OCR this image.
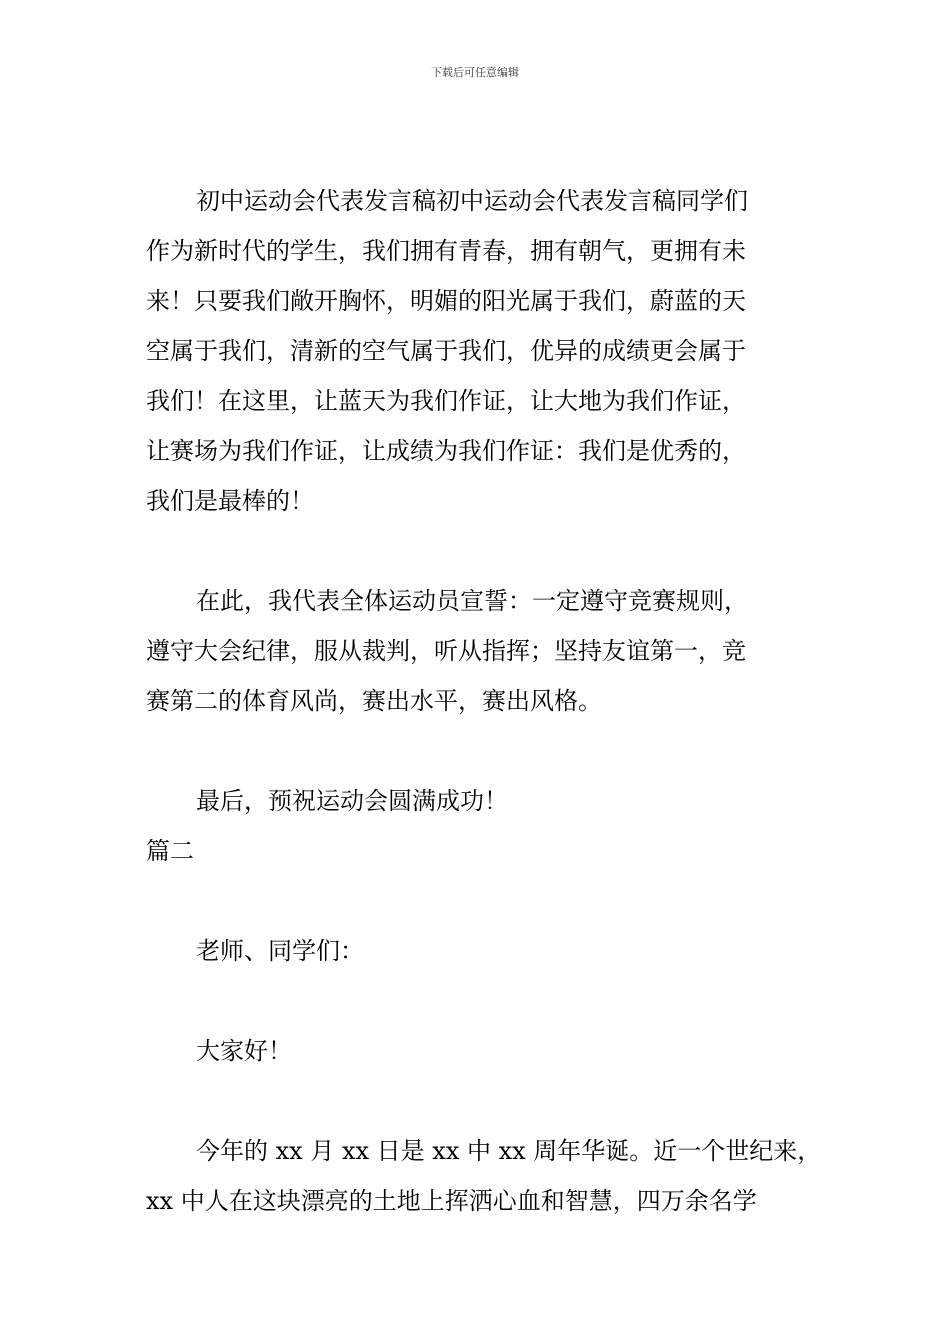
下载后可任意编辑
初中运动会代表发言稿初中运动会代表发言稿同学们
作为新时代的学生，我们拥有青春，拥有朝气，更拥有未
来！只要我们敞开胸怀，明媚的阳光属于我们，蔚蓝的天
空属于我们，清新的空气属于我们，优异的成绩更会属于
我们！在这里，让蓝天为我们作证，让大地为我们作证，
让赛场为我们作证，让成绩为我们作证：我们是优秀的，
我们是最棒的！
在此，我代表全体运动员宣誓：一定遵守竞赛规则，
遵守大会纪律，服从裁判，听从指挥；坚持友谊第一，竞
赛第二的体育风尚，赛出水平，赛出风格。
最后，预祝运动会圆满成功！
篇二
老师、同学们：
大家好！
今年的 xx 月 xx 日是 xx 中 xx 周年华诞。近一个世纪来，
xx 中人在这块漂亮的土地上挥洒心血和智慧，四万余名学
